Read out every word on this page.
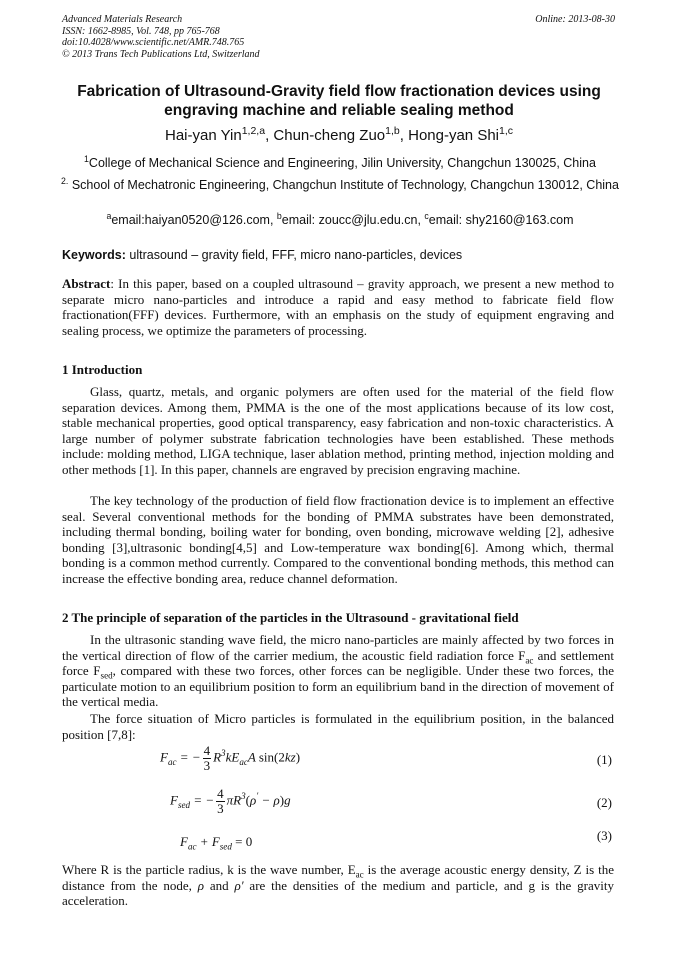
Advanced Materials Research
ISSN: 1662-8985, Vol. 748, pp 765-768
doi:10.4028/www.scientific.net/AMR.748.765
© 2013 Trans Tech Publications Ltd, Switzerland
Online: 2013-08-30
Fabrication of Ultrasound-Gravity field flow fractionation devices using engraving machine and reliable sealing method
Hai-yan Yin$^{1,2,a}$, Chun-cheng Zuo$^{1,b}$, Hong-yan Shi$^{1,c}$
$^1$College of Mechanical Science and Engineering, Jilin University, Changchun 130025, China
$^{2.}$ School of Mechatronic Engineering, Changchun Institute of Technology, Changchun 130012, China
$^a$email:haiyan0520@126.com, $^b$email: zoucc@jlu.edu.cn, $^c$email: shy2160@163.com
Keywords: ultrasound – gravity field, FFF, micro nano-particles, devices
Abstract: In this paper, based on a coupled ultrasound – gravity approach, we present a new method to separate micro nano-particles and introduce a rapid and easy method to fabricate field flow fractionation(FFF) devices. Furthermore, with an emphasis on the study of equipment engraving and sealing process, we optimize the parameters of processing.
1 Introduction
Glass, quartz, metals, and organic polymers are often used for the material of the field flow separation devices. Among them, PMMA is the one of the most applications because of its low cost, stable mechanical properties, good optical transparency, easy fabrication and non-toxic characteristics. A large number of polymer substrate fabrication technologies have been established. These methods include: molding method, LIGA technique, laser ablation method, printing method, injection molding and other methods [1]. In this paper, channels are engraved by precision engraving machine.
The key technology of the production of field flow fractionation device is to implement an effective seal. Several conventional methods for the bonding of PMMA substrates have been demonstrated, including thermal bonding, boiling water for bonding, oven bonding, microwave welding [2], adhesive bonding [3],ultrasonic bonding[4,5] and Low-temperature wax bonding[6]. Among which, thermal bonding is a common method currently. Compared to the conventional bonding methods, this method can increase the effective bonding area, reduce channel deformation.
2 The principle of separation of the particles in the Ultrasound - gravitational field
In the ultrasonic standing wave field, the micro nano-particles are mainly affected by two forces in the vertical direction of flow of the carrier medium, the acoustic field radiation force $F_{ac}$ and settlement force $F_{sed}$, compared with these two forces, other forces can be negligible. Under these two forces, the particulate motion to an equilibrium position to form an equilibrium band in the direction of movement of the vertical media.
The force situation of Micro particles is formulated in the equilibrium position, in the balanced position [7,8]:
$F_{ac}$ = − $\frac{4}{3} R^3kE_{ac}A$ sin(2kz)	(1)
$F_{sed}$ = − $\frac{4}{3} \pi R^3(\rho' - \rho)g$	(2)
$F_{ac} + F_{sed} = 0$	(3)
Where R is the particle radius, k is the wave number, $E_{ac}$ is the average acoustic energy density, Z is the distance from the node, ρ and ρ′ are the densities of the medium and particle, and g is the gravity acceleration.
